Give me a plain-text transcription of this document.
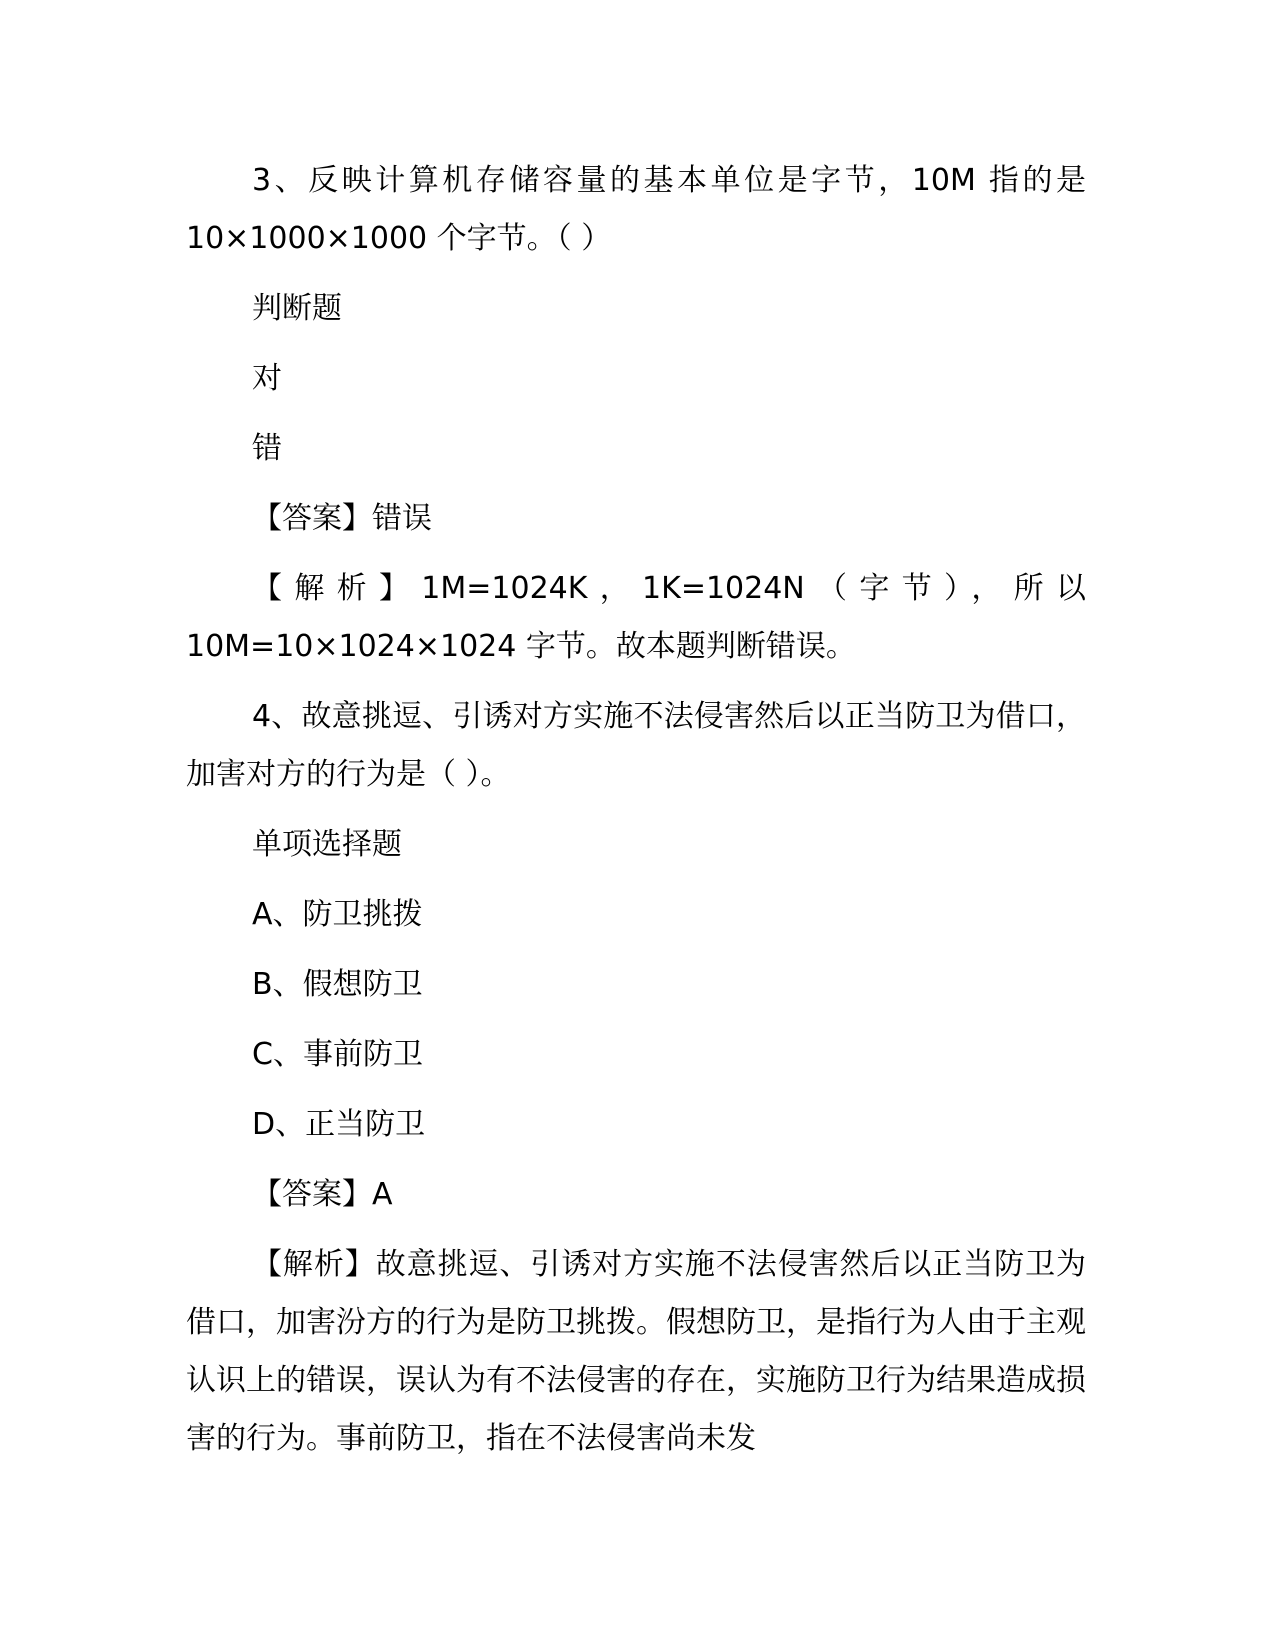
3、反映计算机存储容量的基本单位是字节，10M 指的是 10×1000×1000 个字节。（ ）

判断题

对

错

【答案】错误

【解析】1M=1024K，1K=1024N（字节），所以 10M=10×1024×1024 字节。故本题判断错误。

4、故意挑逗、引诱对方实施不法侵害然后以正当防卫为借口，加害对方的行为是（ ）。

单项选择题

A、防卫挑拨

B、假想防卫

C、事前防卫

D、正当防卫

【答案】A

【解析】故意挑逗、引诱对方实施不法侵害然后以正当防卫为借口，加害汾方的行为是防卫挑拨。假想防卫，是指行为人由于主观认识上的错误，误认为有不法侵害的存在，实施防卫行为结果造成损害的行为。事前防卫，指在不法侵害尚未发
